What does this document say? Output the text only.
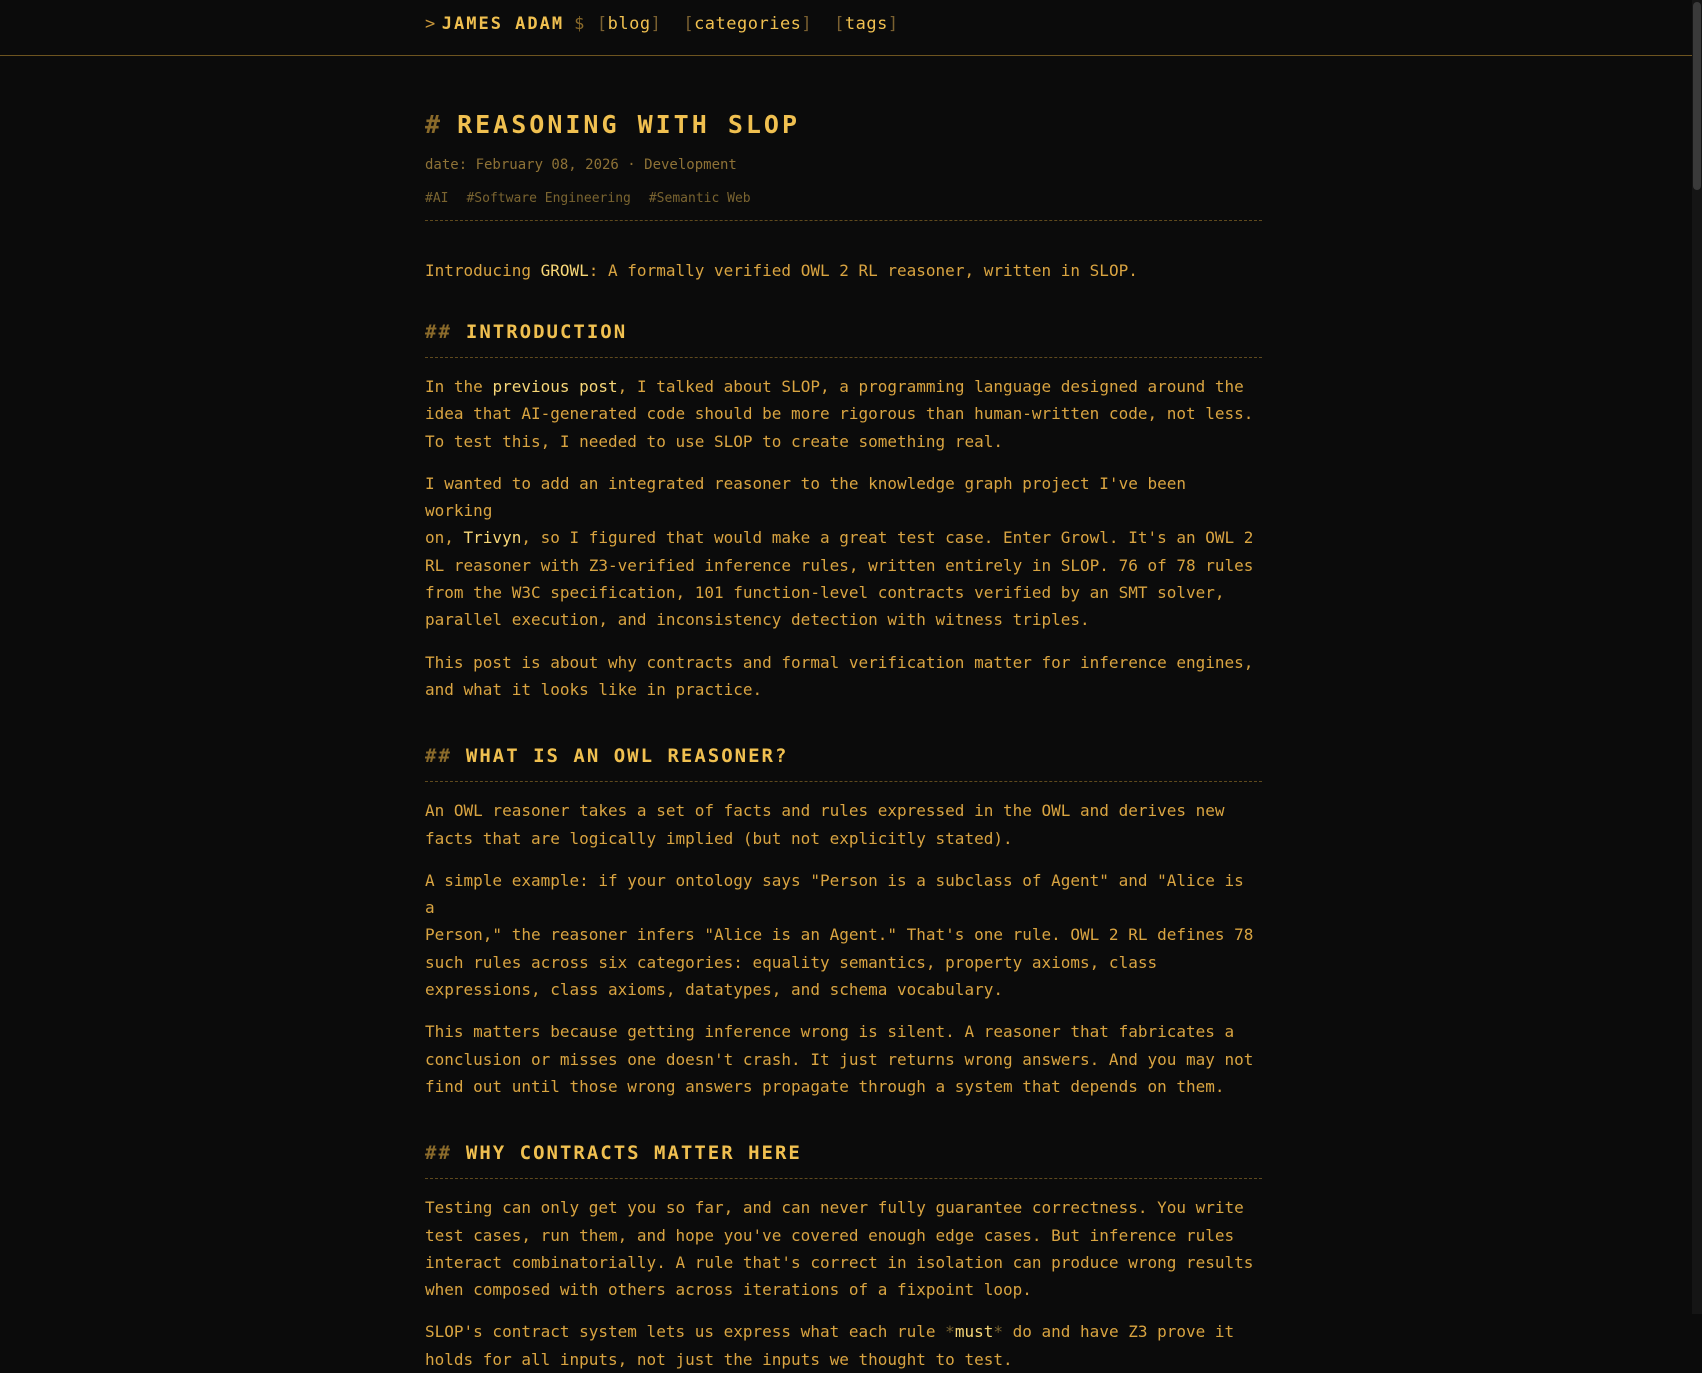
> JAMES ADAM $ [blog] [categories] [tags]
# REASONING WITH SLOP
date: February 08, 2026 · Development
#AI #Software Engineering #Semantic Web
Introducing GROWL: A formally verified OWL 2 RL reasoner, written in SLOP.
## INTRODUCTION

In the previous post, I talked about SLOP, a programming language designed around the
idea that AI-generated code should be more rigorous than human-written code, not less.
To test this, I needed to use SLOP to create something real.

I wanted to add an integrated reasoner to the knowledge graph project I've been working
on, Trivyn, so I figured that would make a great test case. Enter Growl. It's an OWL 2
RL reasoner with Z3-verified inference rules, written entirely in SLOP. 76 of 78 rules
from the W3C specification, 101 function-level contracts verified by an SMT solver,
parallel execution, and inconsistency detection with witness triples.

This post is about why contracts and formal verification matter for inference engines,
and what it looks like in practice.

## WHAT IS AN OWL REASONER?

An OWL reasoner takes a set of facts and rules expressed in the OWL and derives new
facts that are logically implied (but not explicitly stated).

A simple example: if your ontology says "Person is a subclass of Agent" and "Alice is a
Person," the reasoner infers "Alice is an Agent." That's one rule. OWL 2 RL defines 78
such rules across six categories: equality semantics, property axioms, class
expressions, class axioms, datatypes, and schema vocabulary.

This matters because getting inference wrong is silent. A reasoner that fabricates a
conclusion or misses one doesn't crash. It just returns wrong answers. And you may not
find out until those wrong answers propagate through a system that depends on them.

## WHY CONTRACTS MATTER HERE

Testing can only get you so far, and can never fully guarantee correctness. You write
test cases, run them, and hope you've covered enough edge cases. But inference rules
interact combinatorially. A rule that's correct in isolation can produce wrong results
when composed with others across iterations of a fixpoint loop.

SLOP's contract system lets us express what each rule *must* do and have Z3 prove it
holds for all inputs, not just the inputs we thought to test.
